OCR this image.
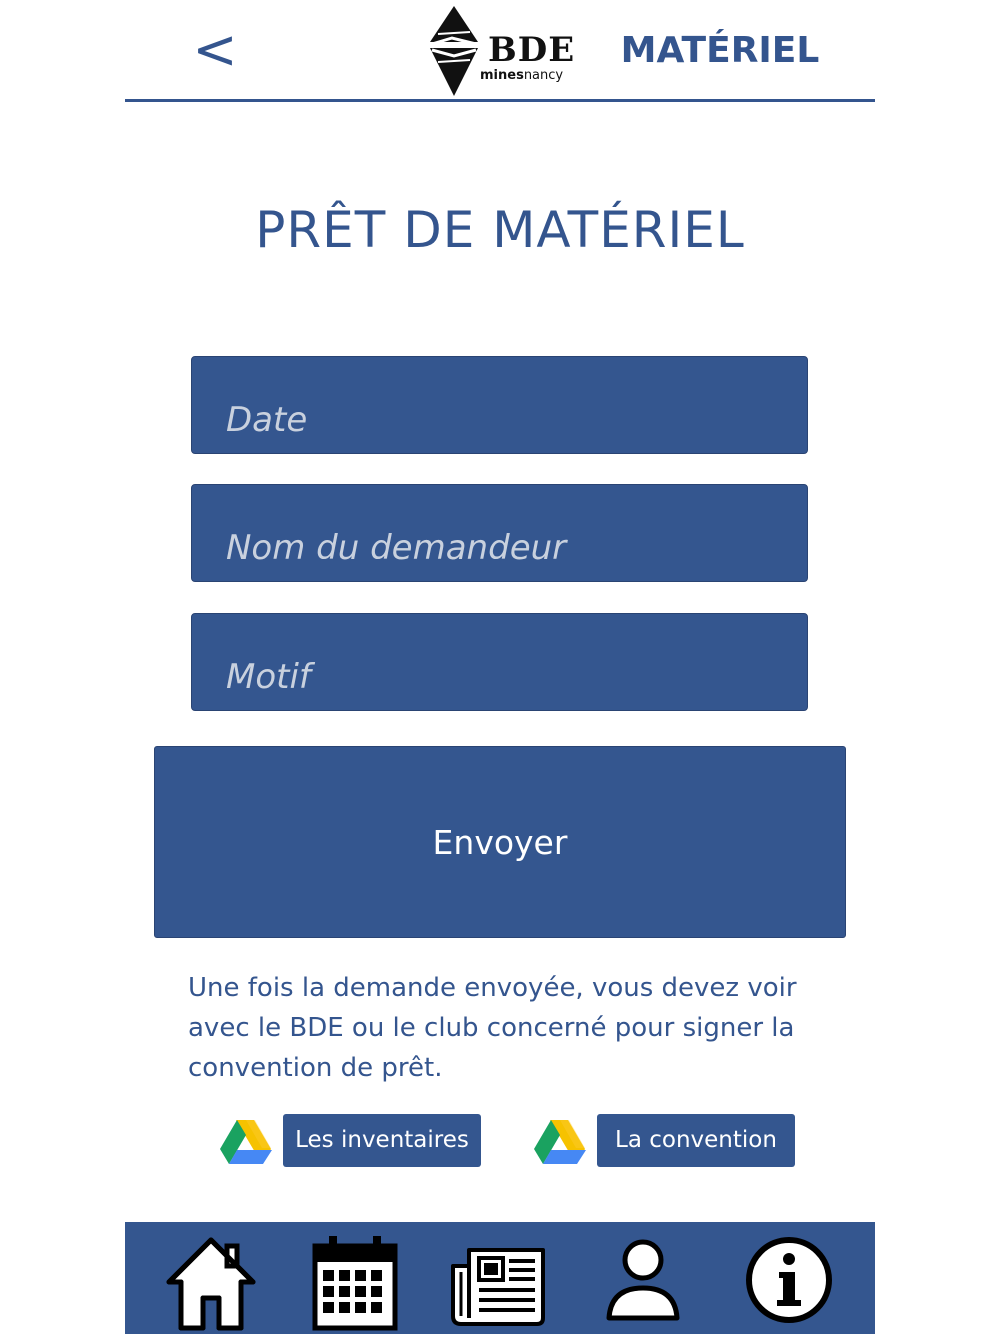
<	BDE
minesnancy
MATÉRIEL
PRÊT DE MATÉRIEL
Date
Nom du demandeur
Motif
Envoyer
Une fois la demande envoyée, vous devez voir avec le BDE ou le club concerné pour signer la convention de prêt.
Les inventaires	La convention
